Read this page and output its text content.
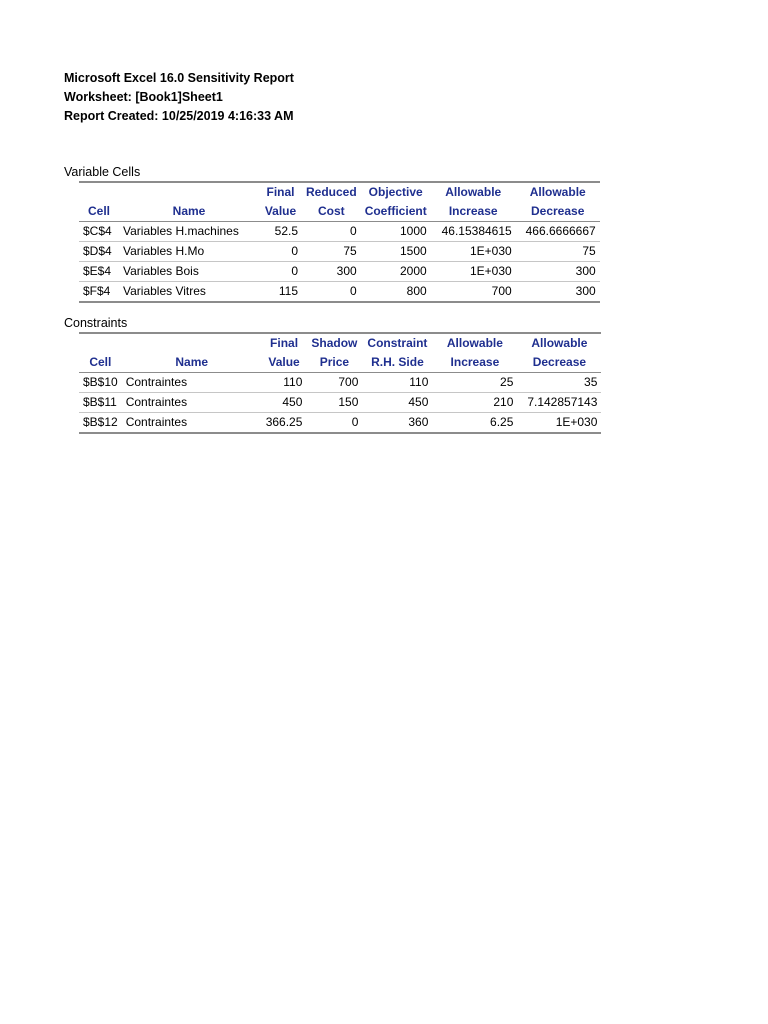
Microsoft Excel 16.0 Sensitivity Report
Worksheet: [Book1]Sheet1
Report Created: 10/25/2019 4:16:33 AM
Variable Cells
		Final	Reduced	Objective	Allowable	Allowable
Cell	Name	Value	Cost	Coefficient	Increase	Decrease
$C$4	Variables H.machines	52.5	0	1000	46.15384615	466.6666667
$D$4	Variables H.Mo	0	75	1500	1E+030	75
$E$4	Variables Bois	0	300	2000	1E+030	300
$F$4	Variables Vitres	115	0	800	700	300
Constraints
		Final	Shadow	Constraint	Allowable	Allowable
Cell	Name	Value	Price	R.H. Side	Increase	Decrease
$B$10	Contraintes	110	700	110	25	35
$B$11	Contraintes	450	150	450	210	7.142857143
$B$12	Contraintes	366.25	0	360	6.25	1E+030
